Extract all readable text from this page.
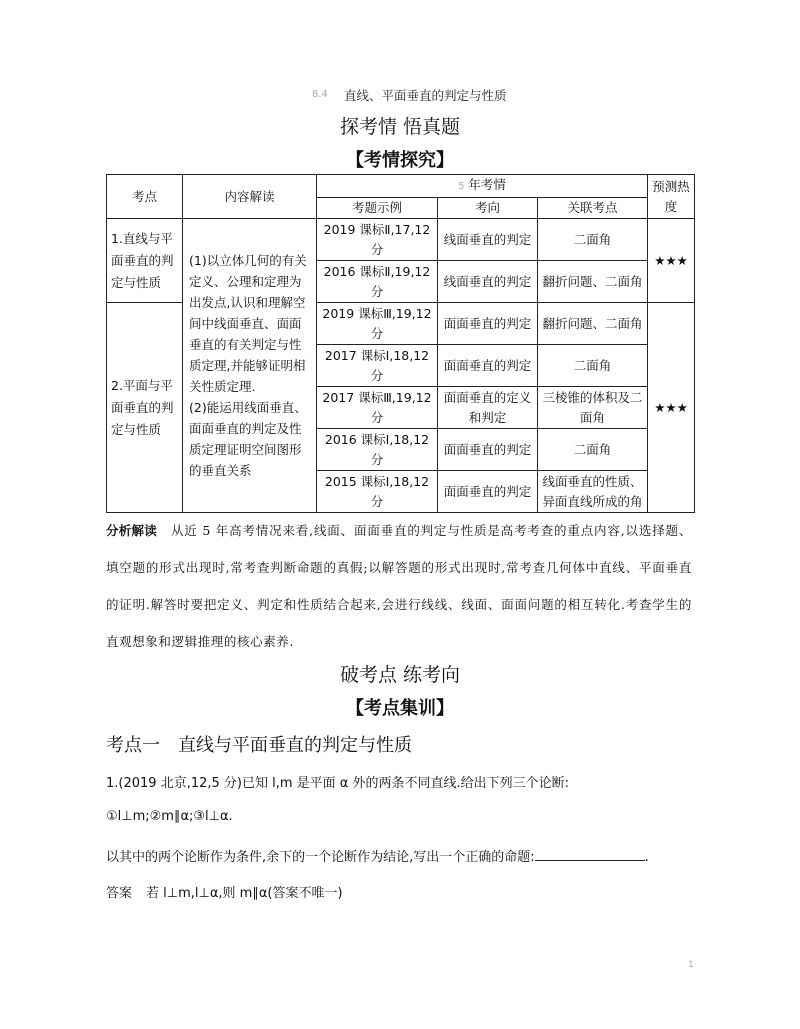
8.4 直线、平面垂直的判定与性质
探考情 悟真题
【考情探究】
考点	内容解读	5 年考情			预测热度
		考题示例	考向	关联考点	
1.直线与平面垂直的判定与性质	(1)以立体几何的有关定义、公理和定理为出发点,认识和理解空间中线面垂直、面面垂直的有关判定与性质定理,并能够证明相关性质定理.
(2)能运用线面垂直、面面垂直的判定及性质定理证明空间图形的垂直关系	2019 课标Ⅱ,17,12 分	线面垂直的判定	二面角	★★★
		2016 课标Ⅱ,19,12 分	线面垂直的判定	翻折问题、二面角	
2.平面与平面垂直的判定与性质		2019 课标Ⅲ,19,12 分	面面垂直的判定	翻折问题、二面角	★★★
		2017 课标Ⅰ,18,12 分	面面垂直的判定	二面角	
		2017 课标Ⅲ,19,12 分	面面垂直的定义和判定	三棱锥的体积及二面角	
		2016 课标Ⅰ,18,12 分	面面垂直的判定	二面角	
		2015 课标Ⅰ,18,12 分	面面垂直的判定	线面垂直的性质、异面直线所成的角	
分析解读 从近 5 年高考情况来看,线面、面面垂直的判定与性质是高考考查的重点内容,以选择题、填空题的形式出现时,常考查判断命题的真假;以解答题的形式出现时,常考查几何体中直线、平面垂直的证明.解答时要把定义、判定和性质结合起来,会进行线线、线面、面面问题的相互转化.考查学生的直观想象和逻辑推理的核心素养.
破考点 练考向
【考点集训】
考点一　直线与平面垂直的判定与性质
1.(2019 北京,12,5 分)已知 l,m 是平面 α 外的两条不同直线.给出下列三个论断:
①l⊥m;②m∥α;③l⊥α.
以其中的两个论断作为条件,余下的一个论断作为结论,写出一个正确的命题:	.
答案 若 l⊥m,l⊥α,则 m∥α(答案不唯一)
1
